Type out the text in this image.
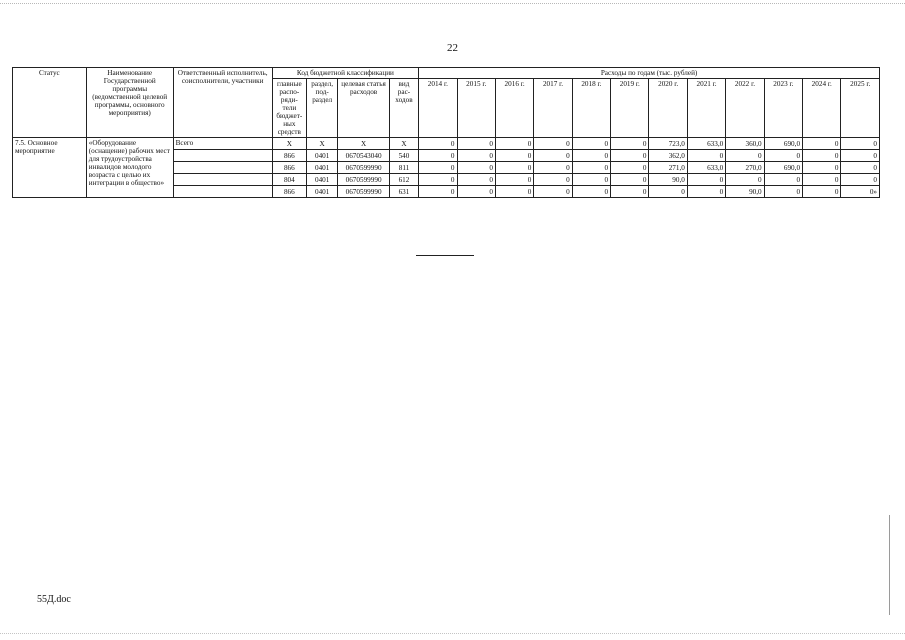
22
Статус	Наименование Государственной программы (ведомственной целевой программы, основного мероприятия)	Ответственный исполнитель, соисполнители, участники	Код бюджетной классификации				Расходы по годам (тыс. рублей)											
			главные распо-ряди-тели бюджет-ных средств	раздел, под-раздел	целевая статья расходов	вид рас-ходов	2014 г.	2015 г.	2016 г.	2017 г.	2018 г.	2019 г.	2020 г.	2021 г.	2022 г.	2023 г.	2024 г.	2025 г.
7.5. Основное мероприятие	«Оборудование (оснащение) рабочих мест для трудоустройства инвалидов молодого возраста с целью их интеграции в общество»	Всего	X	X	X	X	0	0	0	0	0	0	723,0	633,0	360,0	690,0	0	0
			866	0401	0670543040	540	0	0	0	0	0	0	362,0	0	0	0	0	0
			866	0401	0670599990	811	0	0	0	0	0	0	271,0	633,0	270,0	690,0	0	0
			804	0401	0670599990	612	0	0	0	0	0	0	90,0	0	0	0	0	0
			866	0401	0670599990	631	0	0	0	0	0	0	0	0	90,0	0	0	0»
55Д.doc
